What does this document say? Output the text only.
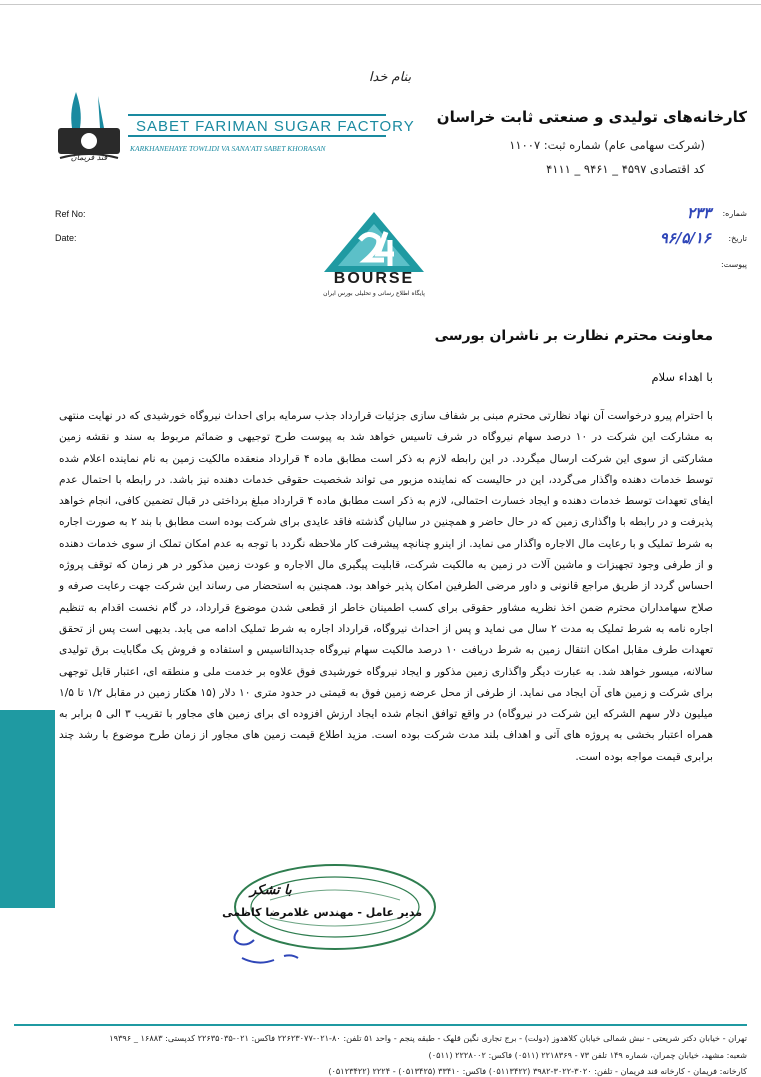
قند فریمان
SABET FARIMAN SUGAR FACTORY
KARKHANEHAYE TOWLIDI VA SANA'ATI SABET KHORASAN
بنام خدا
کارخانه‌های تولیدی و صنعتی ثابت خراسان
(شرکت سهامی عام) شماره ثبت: ۱۱۰۰۷
کد اقتصادی ۴۵۹۷ _ ۹۴۶۱ _ ۴۱۱۱
Ref No:
Date:
شماره:
تاریخ:
پیوست:
۲۳۳
۹۶/۵/۱۶
BOURSE
پایگاه اطلاع رسانی و تحلیلی بورس ایران
معاونت محترم نظارت بر ناشران بورسی
با اهداء سلام
با احترام پیرو درخواست آن نهاد نظارتی محترم مبنی بر شفاف سازی جزئیات قرارداد جذب سرمایه برای احداث نیروگاه خورشیدی که در نهایت منتهی به مشارکت این شرکت در ۱۰ درصد سهام نیروگاه در شرف تاسیس خواهد شد به پیوست طرح توجیهی و ضمائم مربوط به سند و نقشه زمین مشارکتی از سوی این شرکت ارسال میگردد. در این رابطه لازم به ذکر است مطابق ماده ۴ قرارداد منعقده مالکیت زمین به نام نماینده اعلام شده توسط خدمات دهنده واگذار می‌گردد، این در حالیست که نماینده مزبور می تواند شخصیت حقوقی خدمات دهنده نیز باشد. در رابطه با احتمال عدم ایفای تعهدات توسط خدمات دهنده و ایجاد خسارت احتمالی، لازم به ذکر است مطابق ماده ۴ قرارداد مبلغ برداختی در قبال تضمین کافی، انجام خواهد پذیرفت و در رابطه با واگذاری زمین که در حال حاضر و همچنین در سالیان گذشته فاقد عایدی برای شرکت بوده است مطابق با بند ۲ به صورت اجاره به شرط تملیک و با رعایت مال الاجاره واگذار می نماید. از اینرو چنانچه پیشرفت کار ملاحظه نگردد با توجه به عدم امکان تملک از سوی خدمات دهنده و از طرفی وجود تجهیزات و ماشین آلات در زمین به مالکیت شرکت، قابلیت پیگیری مال الاجاره و عودت زمین مذکور در هر زمان که توقف پروژه احساس گردد از طریق مراجع قانونی و داور مرضی الطرفین امکان پذیر خواهد بود. همچنین به استحضار می رساند این شرکت جهت رعایت صرفه و صلاح سهامداران محترم ضمن اخذ نظریه مشاور حقوقی برای کسب اطمینان خاطر از قطعی شدن موضوع قرارداد، در گام نخست اقدام به تنظیم اجاره نامه به شرط تملیک به مدت ۲ سال می نماید و پس از احداث نیروگاه، قرارداد اجاره به شرط تملیک ادامه می یابد. بدیهی است پس از تحقق تعهدات طرف مقابل امکان انتقال زمین به شرط دریافت ۱۰ درصد مالکیت سهام نیروگاه جدیدالتاسیس و استفاده و فروش یک مگابایت برق تولیدی سالانه، میسور خواهد شد. به عبارت دیگر واگذاری زمین مذکور و ایجاد نیروگاه خورشیدی فوق علاوه بر خدمت ملی و منطقه ای، اعتبار قابل توجهی برای شرکت و زمین های آن ایجاد می نماید. از طرفی از محل عرضه زمین فوق به قیمتی در حدود متری ۱۰ دلار (۱۵ هکتار زمین در مقابل ۱/۲ تا ۱/۵ میلیون دلار سهم الشرکه این شرکت در نیروگاه) در واقع توافق انجام شده ایجاد ارزش افزوده ای برای زمین های مجاور با تقریب ۳ الی ۵ برابر به همراه اعتبار بخشی به پروژه های آتی و اهداف بلند مدت شرکت بوده است. مزید اطلاع قیمت زمین های مجاور از زمان طرح موضوع با رشد چند برابری قیمت مواجه بوده است.
با تشکر
مدیر عامل - مهندس غلامرضا کاظمی
تهران - خیابان دکتر شریعتی - نبش شمالی خیابان کلاهدوز (دولت) - برج تجاری نگین قلهک - طبقه پنجم - واحد ۵۱ تلفن: ۸۰-۰۲۱-۲۲۶۲۳۰۷۷ فاکس: ۰۲۱-۲۲۶۳۵۰۳۵ کدپستی: ۱۶۸۸۳ _ ۱۹۳۹۶
شعبه: مشهد، خیابان چمران، شماره ۱۴۹ تلفن ۷۳ - ۲۲۱۸۳۶۹ (۰۵۱۱) فاکس: ۲۲۲۸۰۰۲ (۰۵۱۱)
کارخانه: فریمان - کارخانه قند فریمان - تلفن: ۳۰۲۰-۳۰۲۲-۳۹۸۲ (۰۵۱۱۳۴۲۲) فاکس: ۳۳۴۱۰ (۰۵۱۳۴۲۵) - ۲۲۲۴ (۰۵۱۲۳۴۲۲)
